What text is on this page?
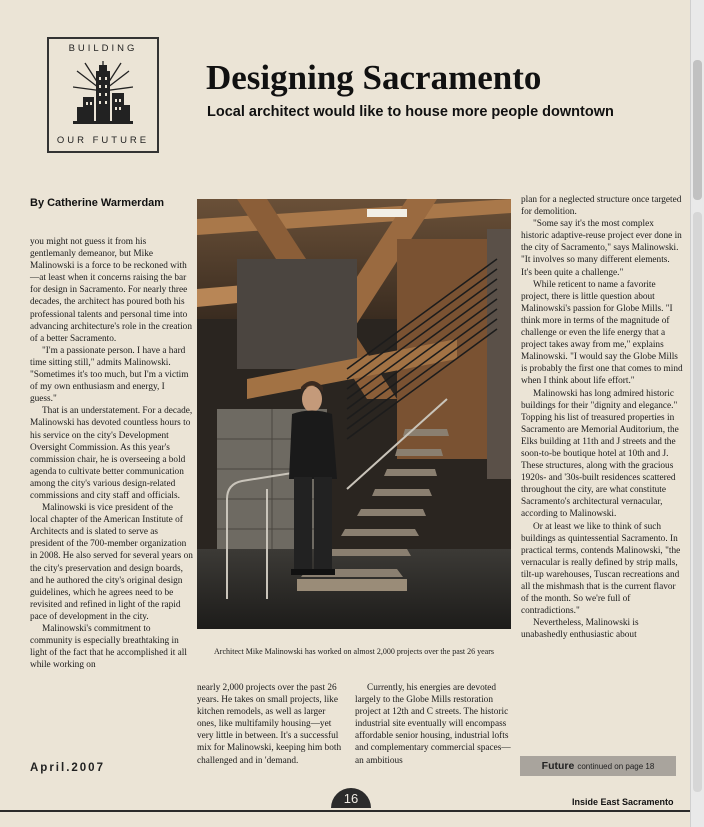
BUILDING
OUR FUTURE
Designing Sacramento
Local architect would like to house more people downtown
By Catherine Warmerdam

you might not guess it from his gentlemanly demeanor, but Mike Malinowski is a force to be reckoned with—at least when it concerns raising the bar for design in Sacramento. For nearly three decades, the architect has poured both his professional talents and personal time into advancing architecture's role in the creation of a better Sacramento.

"I'm a passionate person. I have a hard time sitting still," admits Malinowski. "Sometimes it's too much, but I'm a victim of my own enthusiasm and energy, I guess."

That is an understatement. For a decade, Malinowski has devoted countless hours to his service on the city's Development Oversight Commission. As this year's commission chair, he is overseeing a bold agenda to cultivate better communication among the city's various design-related commissions and city staff and officials.

Malinowski is vice president of the local chapter of the American Institute of Architects and is slated to serve as president of the 700-member organization in 2008. He also served for several years on the city's preservation and design boards, and he authored the city's original design guidelines, which he agrees need to be revisited and refined in light of the rapid pace of development in the city.

Malinowski's commitment to community is especially breathtaking in light of the fact that he accomplished it all while working on

Architect Mike Malinowski has worked on almost 2,000 projects over the past 26 years

nearly 2,000 projects over the past 26 years. He takes on small projects, like kitchen remodels, as well as larger ones, like multifamily housing—yet very little in between. It's a successful mix for Malinowski, keeping him both challenged and in 'demand.

Currently, his energies are devoted largely to the Globe Mills restoration project at 12th and C streets. The historic industrial site eventually will encompass affordable senior housing, industrial lofts and complementary commercial spaces—an ambitious

plan for a neglected structure once targeted for demolition.

"Some say it's the most complex historic adaptive-reuse project ever done in the city of Sacramento," says Malinowski. "It involves so many different elements. It's been quite a challenge."

While reticent to name a favorite project, there is little question about Malinowski's passion for Globe Mills. "I think more in terms of the magnitude of challenge or even the life energy that a project takes away from me," explains Malinowski. "I would say the Globe Mills is probably the first one that comes to mind when I think about life effort."

Malinowski has long admired historic buildings for their "dignity and elegance." Topping his list of treasured properties in Sacramento are Memorial Auditorium, the Elks building at 11th and J streets and the soon-to-be boutique hotel at 10th and J. These structures, along with the gracious 1920s- and '30s-built residences scattered throughout the city, are what constitute Sacramento's architectural vernacular, according to Malinowski.

Or at least we like to think of such buildings as quintessential Sacramento. In practical terms, contends Malinowski, "the vernacular is really defined by strip malls, tilt-up warehouses, Tuscan recreations and all the mishmash that is the current flavor of the month. So we're full of contradictions."

Nevertheless, Malinowski is unabashedly enthusiastic about

April.2007	Future continued on page 18
16	Inside East Sacramento
